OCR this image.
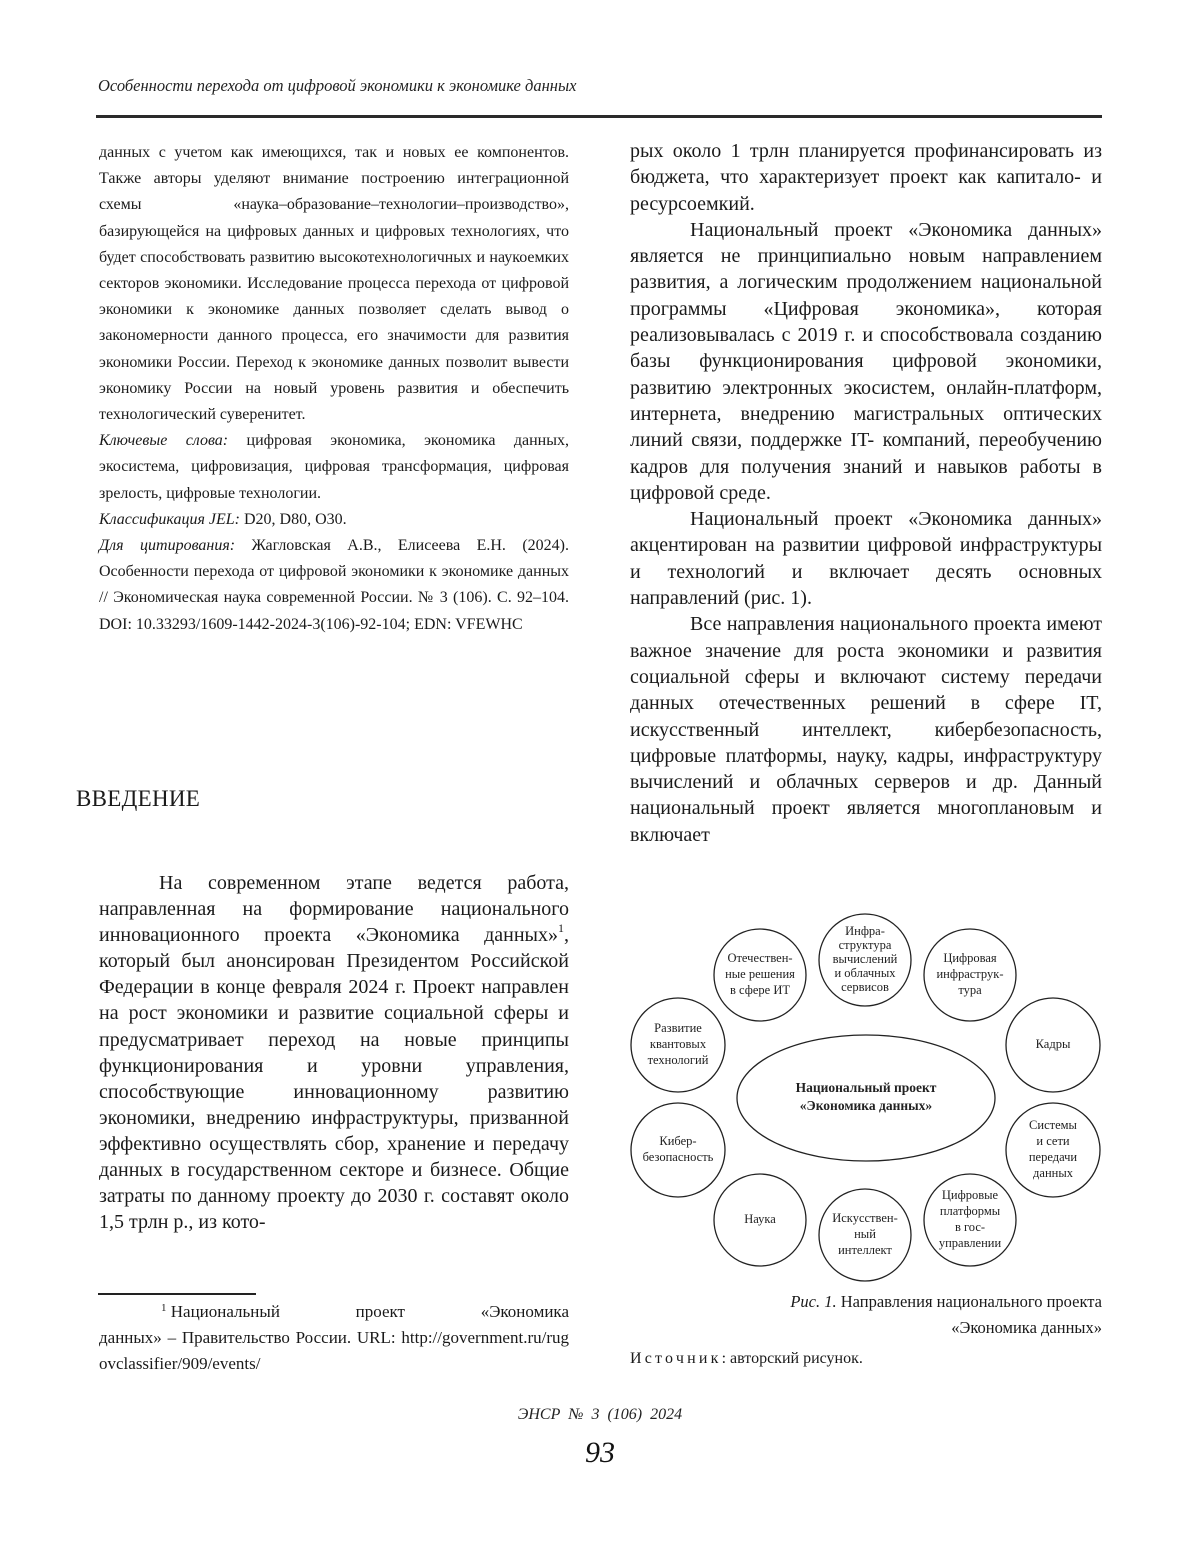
Особенности перехода от цифровой экономики к экономике данных

данных с учетом как имеющихся, так и новых ее компонентов. Также авторы уделяют внимание построению интеграционной схемы «наука–образование–технологии–производство», базирующейся на цифровых данных и цифровых технологиях, что будет способствовать развитию высокотехнологичных и наукоемких секторов экономики. Исследование процесса перехода от цифровой экономики к экономике данных позволяет сделать вывод о закономерности данного процесса, его значимости для развития экономики России. Переход к экономике данных позволит вывести экономику России на новый уровень развития и обеспечить технологический суверенитет.

Ключевые слова: цифровая экономика, экономика данных, экосистема, цифровизация, цифровая трансформация, цифровая зрелость, цифровые технологии.

Классификация JEL: D20, D80, O30.

Для цитирования: Жагловская А.В., Елисеева Е.Н. (2024). Особенности перехода от цифровой экономики к экономике данных // Экономическая наука современной России. № 3 (106). С. 92–104. DOI: 10.33293/1609-1442-2024-3(106)-92-104; EDN: VFEWHC

ВВЕДЕНИЕ

На современном этапе ведется работа, направленная на формирование национального инновационного проекта «Экономика данных»$^1$, который был анонсирован Президентом Российской Федерации в конце февраля 2024 г. Проект направлен на рост экономики и развитие социальной сферы и предусматривает переход на новые принципы функционирования и уровни управления, способствующие инновационному развитию экономики, внедрению инфраструктуры, призванной эффективно осуществлять сбор, хранение и передачу данных в государственном секторе и бизнесе. Общие затраты по данному проекту до 2030 г. составят около 1,5 трлн р., из кото-

$^1$ Национальный	проект	«Экономика

данных» – Правительство России. URL: http://government.ru/rugovclassifier/909/events/

рых около 1 трлн планируется профинансировать из бюджета, что характеризует проект как капитало- и ресурсоемкий.

Национальный проект «Экономика данных» является не принципиально новым направлением развития, а логическим продолжением национальной программы «Цифровая экономика», которая реализовывалась с 2019 г. и способствовала созданию базы функционирования цифровой экономики, развитию электронных экосистем, онлайн-платформ, интернета, внедрению магистральных оптических линий связи, поддержке IT- компаний, переобучению кадров для получения знаний и навыков работы в цифровой среде.

Национальный проект «Экономика данных» акцентирован на развитии цифровой инфраструктуры и технологий и включает десять основных направлений (рис. 1).

Все направления национального проекта имеют важное значение для роста экономики и развития социальной сферы и включают систему передачи данных отечественных решений в сфере IT, искусственный интеллект, кибербезопасность, цифровые платформы, науку, кадры, инфраструктуру вычислений и облачных серверов и др. Данный национальный проект является многоплановым и включает

Национальный проект
«Экономика данных»
Отечествен-
ные решения
в сфере ИТ
Инфра-
структура
вычислений
и облачных
сервисов
Цифровая
инфраструк-
тура
Развитие
квантовых
технологий
Кадры
Кибер-
безопасность
Системы
и сети
передачи
данных
Наука	Искусствен-
ный
интеллект
Цифровые
платформы
в гос-
управлении
Рис. 1. Направления национального проекта
«Экономика данных»
Источник: авторский рисунок.
ЭНСР № 3 (106) 2024
93
